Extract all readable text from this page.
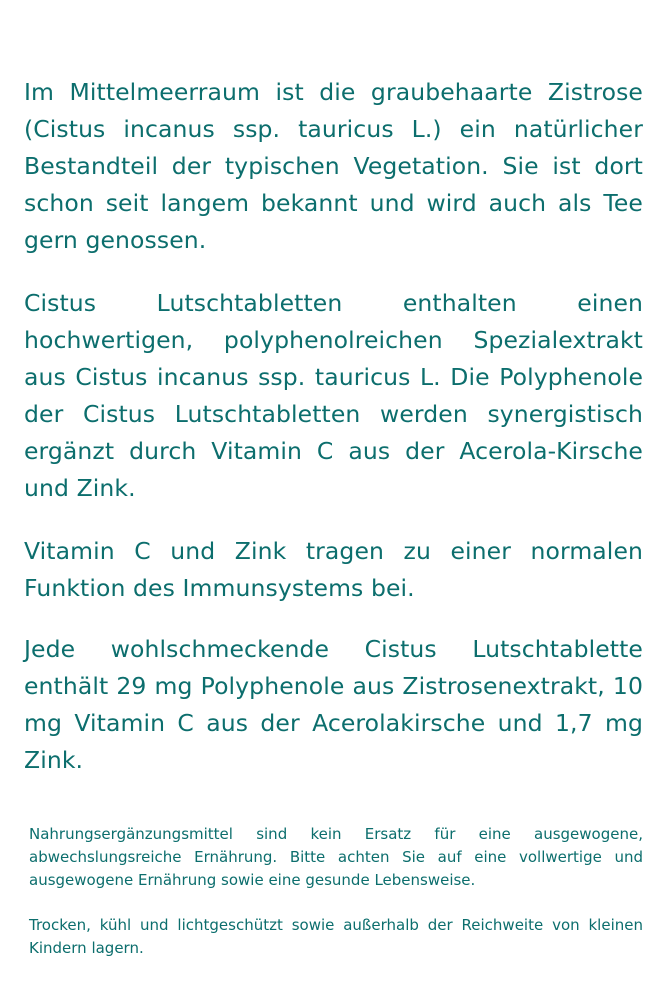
Im Mittelmeerraum ist die graubehaarte Zistrose (Cistus incanus ssp. tauricus L.) ein natürlicher Bestandteil der typischen Vegetation. Sie ist dort schon seit langem bekannt und wird auch als Tee gern genossen.

Cistus Lutschtabletten enthalten einen hochwertigen, polyphenolreichen Spezialextrakt aus Cistus incanus ssp. tauricus L. Die Polyphenole der Cistus Lutschtabletten werden synergistisch ergänzt durch Vitamin C aus der Acerola-Kirsche und Zink.

Vitamin C und Zink tragen zu einer normalen Funktion des Immunsystems bei.

Jede wohlschmeckende Cistus Lutschtablette enthält 29 mg Polyphenole aus Zistrosenextrakt, 10 mg Vitamin C aus der Acerolakirsche und 1,7 mg Zink.

Nahrungsergänzungsmittel sind kein Ersatz für eine ausgewogene, abwechslungsreiche Ernährung. Bitte achten Sie auf eine vollwertige und ausgewogene Ernährung sowie eine gesunde Lebensweise.

Trocken, kühl und lichtgeschützt sowie außerhalb der Reichweite von kleinen Kindern lagern.
